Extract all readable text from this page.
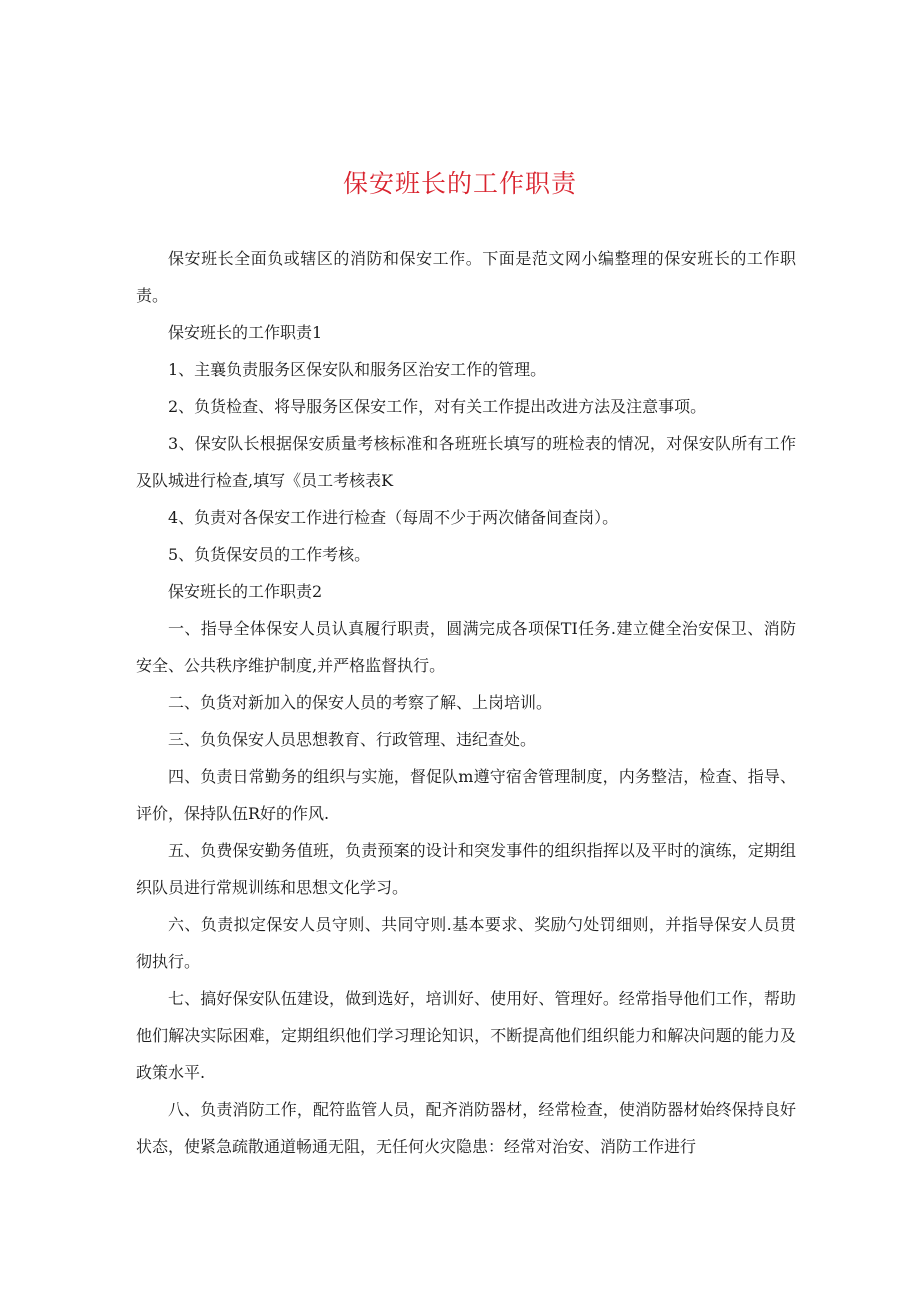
保安班长的工作职责

保安班长全面负或辖区的消防和保安工作。下面是范文网小编整理的保安班长的工作职责。

保安班长的工作职责1

1、主襄负责服务区保安队和服务区治安工作的管理。

2、负货检查、将导服务区保安工作，对有关工作提出改进方法及注意事项。

3、保安队长根据保安质量考核标准和各班班长填写的班检表的情况，对保安队所有工作及队城进行检查,填写《员工考核表K

4、负责对各保安工作进行检查（每周不少于两次储备间查岗）。

5、负货保安员的工作考核。

保安班长的工作职责2

一、指导全体保安人员认真履行职责，圆满完成各项保TI任务.建立健全治安保卫、消防安全、公共秩序维护制度,并严格监督执行。

二、负货对新加入的保安人员的考察了解、上岗培训。

三、负负保安人员思想教育、行政管理、违纪查处。

四、负责日常勤务的组织与实施，督促队m遵守宿舍管理制度，内务整洁，检查、指导、评价，保持队伍R好的作风.

五、负费保安勤务值班，负责预案的设计和突发事件的组织指挥以及平时的演练，定期组织队员进行常规训练和思想文化学习。

六、负责拟定保安人员守则、共同守则.基本要求、奖励勺处罚细则，并指导保安人员贯彻执行。

七、搞好保安队伍建设，做到选好，培训好、使用好、管理好。经常指导他们工作，帮助他们解决实际困难，定期组织他们学习理论知识，不断提高他们组织能力和解决问题的能力及政策水平.

八、负责消防工作，配符监管人员，配齐消防器材，经常检查，使消防器材始终保持良好状态，使紧急疏散通道畅通无阻，无任何火灾隐患：经常对治安、消防工作进行
